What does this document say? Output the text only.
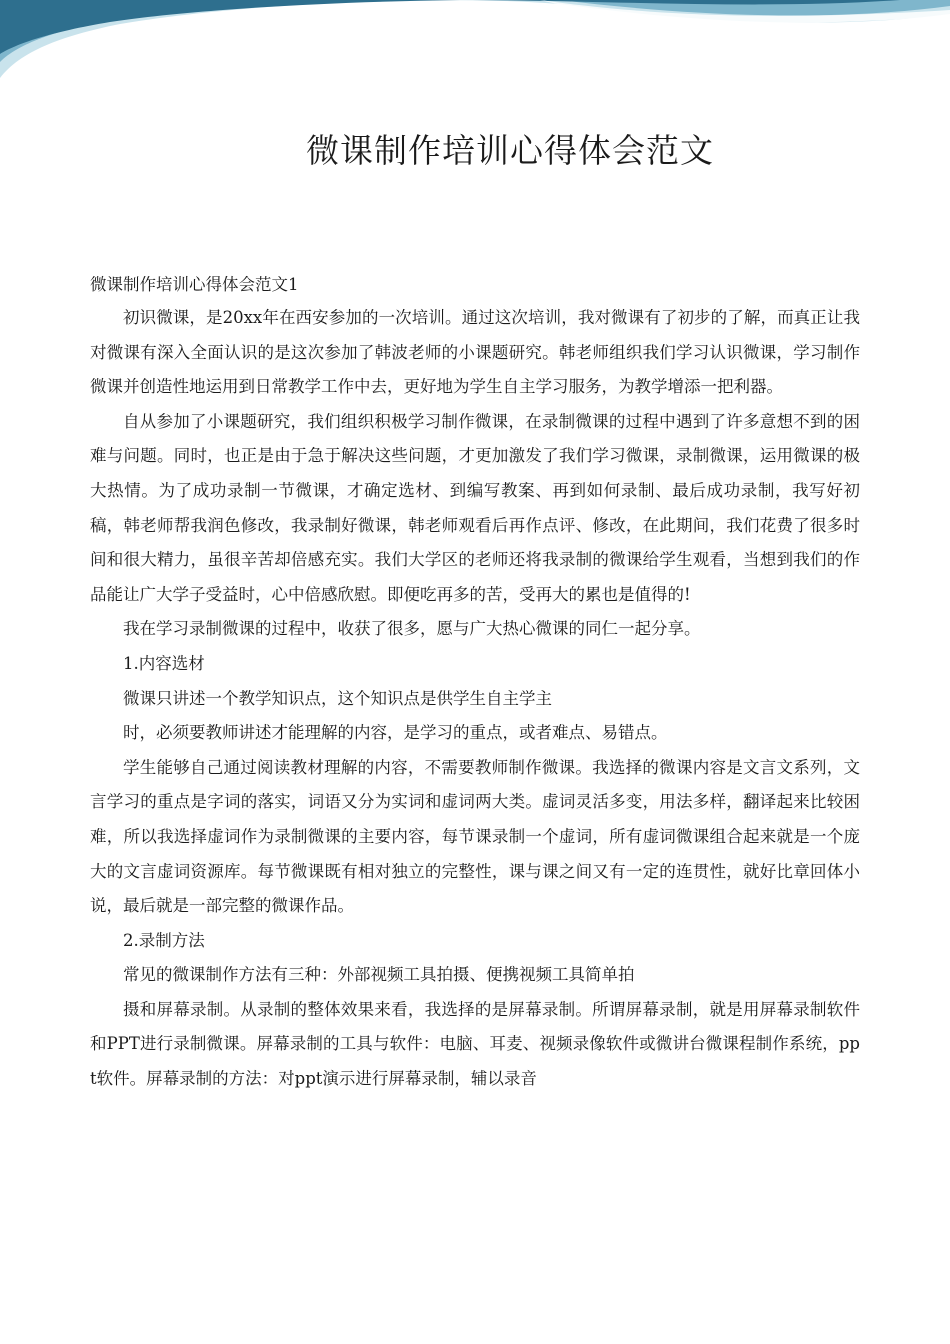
微课制作培训心得体会范文

微课制作培训心得体会范文1

初识微课，是20xx年在西安参加的一次培训。通过这次培训，我对微课有了初步的了解，而真正让我对微课有深入全面认识的是这次参加了韩波老师的小课题研究。韩老师组织我们学习认识微课，学习制作微课并创造性地运用到日常教学工作中去，更好地为学生自主学习服务，为教学增添一把利器。

自从参加了小课题研究，我们组织积极学习制作微课，在录制微课的过程中遇到了许多意想不到的困难与问题。同时，也正是由于急于解决这些问题，才更加激发了我们学习微课，录制微课，运用微课的极大热情。为了成功录制一节微课，才确定选材、到编写教案、再到如何录制、最后成功录制，我写好初稿，韩老师帮我润色修改，我录制好微课，韩老师观看后再作点评、修改，在此期间，我们花费了很多时间和很大精力，虽很辛苦却倍感充实。我们大学区的老师还将我录制的微课给学生观看，当想到我们的作品能让广大学子受益时，心中倍感欣慰。即便吃再多的苦，受再大的累也是值得的!

我在学习录制微课的过程中，收获了很多，愿与广大热心微课的同仁一起分享。

1.内容选材

微课只讲述一个教学知识点，这个知识点是供学生自主学主

时，必须要教师讲述才能理解的内容，是学习的重点，或者难点、易错点。

学生能够自己通过阅读教材理解的内容，不需要教师制作微课。我选择的微课内容是文言文系列，文言学习的重点是字词的落实，词语又分为实词和虚词两大类。虚词灵活多变，用法多样，翻译起来比较困难，所以我选择虚词作为录制微课的主要内容，每节课录制一个虚词，所有虚词微课组合起来就是一个庞大的文言虚词资源库。每节微课既有相对独立的完整性，课与课之间又有一定的连贯性，就好比章回体小说，最后就是一部完整的微课作品。

2.录制方法

常见的微课制作方法有三种：外部视频工具拍摄、便携视频工具简单拍

摄和屏幕录制。从录制的整体效果来看，我选择的是屏幕录制。所谓屏幕录制，就是用屏幕录制软件和PPT进行录制微课。屏幕录制的工具与软件：电脑、耳麦、视频录像软件或微讲台微课程制作系统，ppt软件。屏幕录制的方法：对ppt演示进行屏幕录制，辅以录音
